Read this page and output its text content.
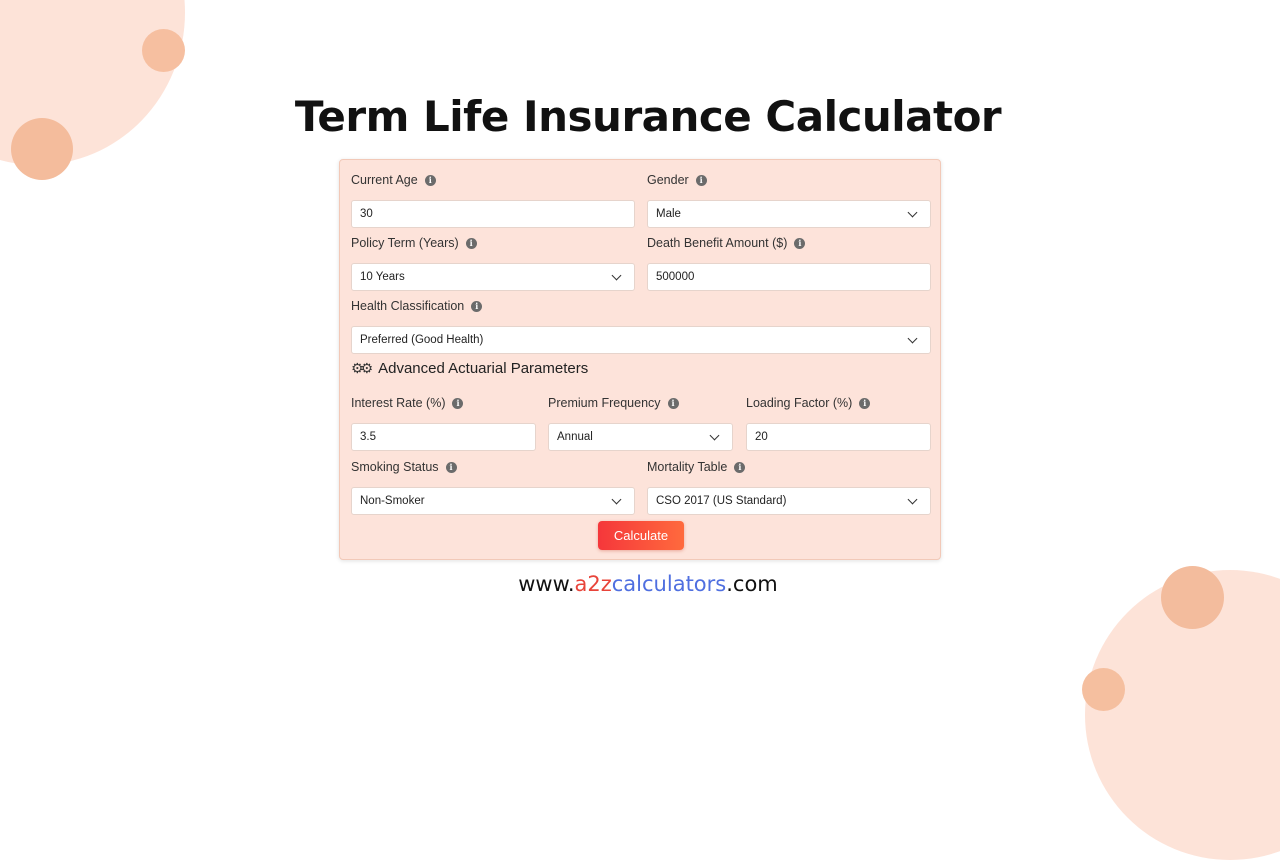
Term Life Insurance Calculator
Current Age	i
30
Gender	i
Male
Policy Term (Years)	i
10 Years
Death Benefit Amount ($)	i
500000
Health Classification	i
Preferred (Good Health)
⚙⚙ Advanced Actuarial Parameters
Interest Rate (%)	i
3.5
Premium Frequency	i
Annual
Loading Factor (%)	i
20
Smoking Status	i
Non-Smoker
Mortality Table	i
CSO 2017 (US Standard)
Calculate
www.a2zcalculators.com
